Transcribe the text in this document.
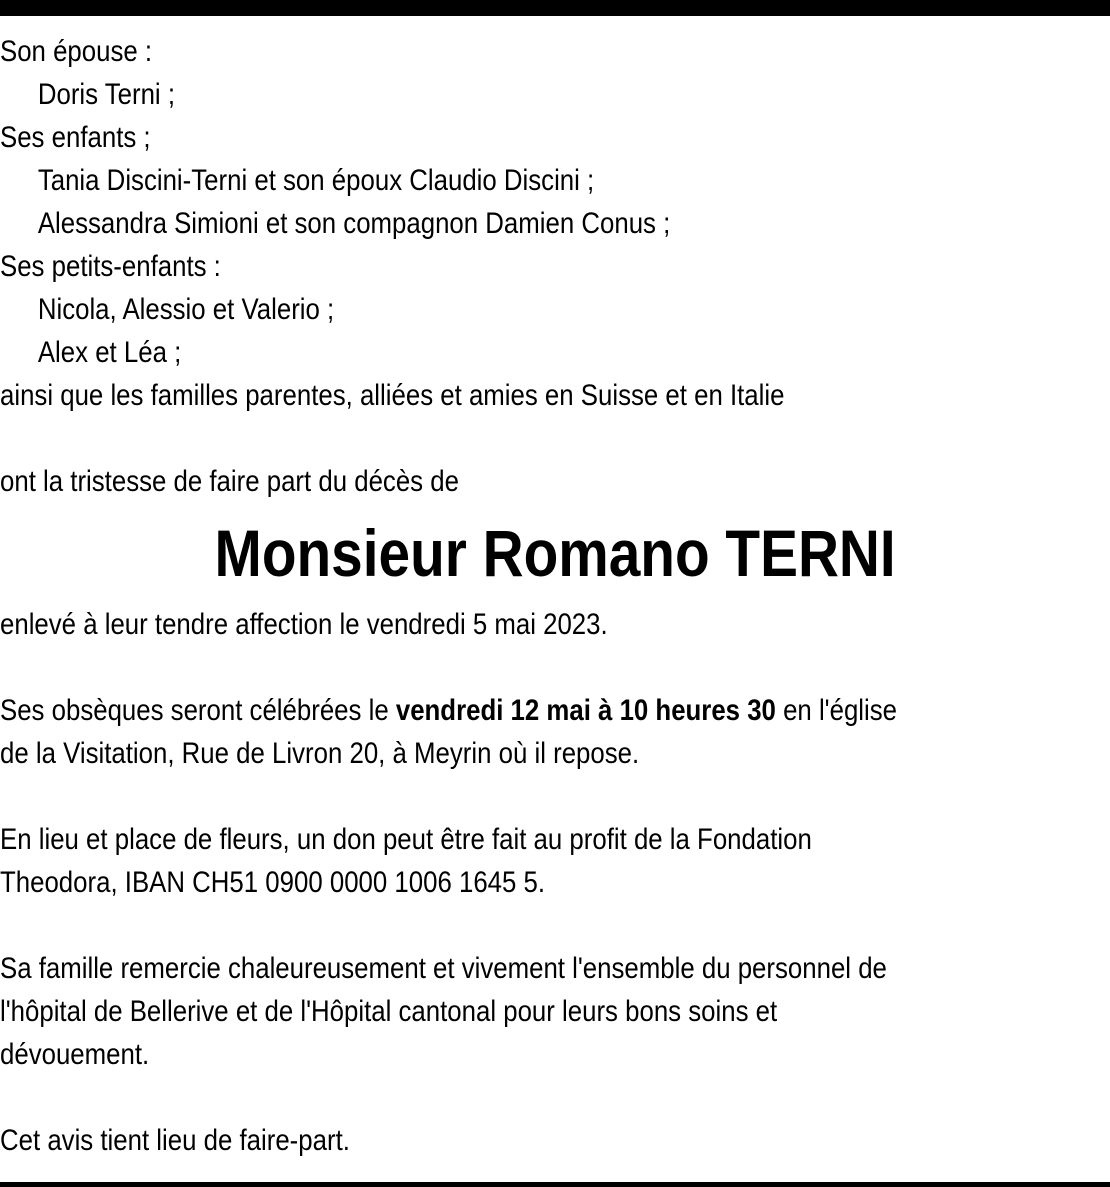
Son épouse :
Doris Terni ;
Ses enfants ;
Tania Discini-Terni et son époux Claudio Discini ;
Alessandra Simioni et son compagnon Damien Conus ;
Ses petits-enfants :
Nicola, Alessio et Valerio ;
Alex et Léa ;
ainsi que les familles parentes, alliées et amies en Suisse et en Italie
ont la tristesse de faire part du décès de
Monsieur Romano TERNI
enlevé à leur tendre affection le vendredi 5 mai 2023.
Ses obsèques seront célébrées le vendredi 12 mai à 10 heures 30 en l'église
de la Visitation, Rue de Livron 20, à Meyrin où il repose.
En lieu et place de fleurs, un don peut être fait au profit de la Fondation
Theodora, IBAN CH51 0900 0000 1006 1645 5.
Sa famille remercie chaleureusement et vivement l'ensemble du personnel de
l'hôpital de Bellerive et de l'Hôpital cantonal pour leurs bons soins et
dévouement.
Cet avis tient lieu de faire-part.
